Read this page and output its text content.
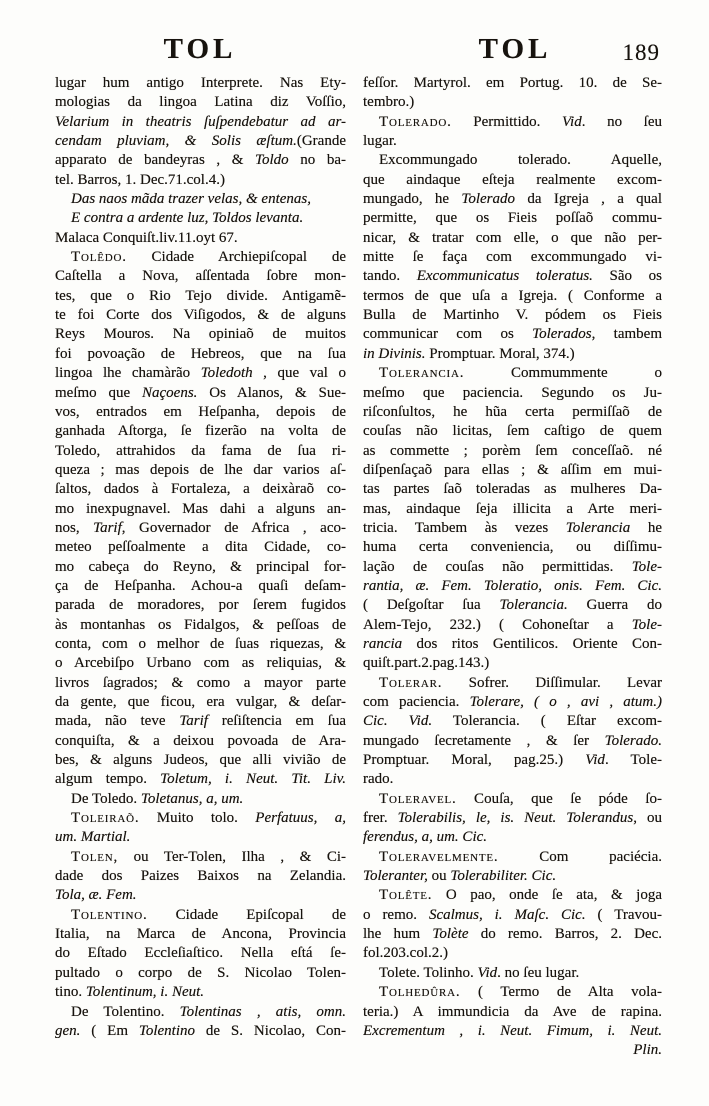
TOL	TOL	189
lugar hum antigo Interprete. Nas Ety-
mologias da lingoa Latina diz Voſſio,
Velarium in theatris ſuſpendebatur ad ar-
cendam pluviam, & Solis æſtum.(Grande
apparato de bandeyras , & Toldo no ba-
tel. Barros, 1. Dec.71.col.4.)
Das naos mãda trazer velas, & entenas,
E contra a ardente luz, Toldos levanta.
Malaca Conquiſt.liv.11.oyt 67.
Tolêdo. Cidade Archiepiſcopal de
Caſtella a Nova, aſſentada ſobre mon-
tes, que o Rio Tejo divide. Antigamẽ-
te foi Corte dos Viſigodos, & de alguns
Reys Mouros. Na opiniaõ de muitos
foi povoação de Hebreos, que na ſua
lingoa lhe chamàrão Toledoth , que val o
meſmo que Naçoens. Os Alanos, & Sue-
vos, entrados em Heſpanha, depois de
ganhada Aſtorga, ſe fizerão na volta de
Toledo, attrahidos da fama de ſua ri-
queza ; mas depois de lhe dar varios aſ-
ſaltos, dados à Fortaleza, a deixàraõ co-
mo inexpugnavel. Mas dahi a alguns an-
nos, Tarif, Governador de Africa , aco-
meteo peſſoalmente a dita Cidade, co-
mo cabeça do Reyno, & principal for-
ça de Heſpanha. Achou-a quaſi deſam-
parada de moradores, por ſerem fugidos
às montanhas os Fidalgos, & peſſoas de
conta, com o melhor de ſuas riquezas, &
o Arcebiſpo Urbano com as reliquias, &
livros ſagrados; & como a mayor parte
da gente, que ficou, era vulgar, & deſar-
mada, não teve Tarif reſiſtencia em ſua
conquiſta, & a deixou povoada de Ara-
bes, & alguns Judeos, que alli vivião de
algum tempo. Toletum, i. Neut. Tit. Liv.
De Toledo. Toletanus, a, um.
Toleiraõ. Muito tolo. Perfatuus, a,
um. Martial.
Tolen, ou Ter-Tolen, Ilha , & Ci-
dade dos Paizes Baixos na Zelandia.
Tola, æ. Fem.
Tolentino. Cidade Epiſcopal de
Italia, na Marca de Ancona, Provincia
do Eſtado Eccleſiaſtico. Nella eſtá ſe-
pultado o corpo de S. Nicolao Tolen-
tino. Tolentinum, i. Neut.
De Tolentino. Tolentinas , atis, omn.
gen. ( Em Tolentino de S. Nicolao, Con-
feſſor. Martyrol. em Portug. 10. de Se-
tembro.)
Tolerado. Permittido. Vid. no ſeu
lugar.
Excommungado tolerado. Aquelle,
que aindaque eſteja realmente excom-
mungado, he Tolerado da Igreja , a qual
permitte, que os Fieis poſſaõ commu-
nicar, & tratar com elle, o que não per-
mitte ſe faça com excommungado vi-
tando. Excommunicatus toleratus. São os
termos de que uſa a Igreja. ( Conforme a
Bulla de Martinho V. pódem os Fieis
communicar com os Tolerados, tambem
in Divinis. Promptuar. Moral, 374.)
Tolerancia. Commummente o
meſmo que paciencia. Segundo os Ju-
riſconſultos, he hũa certa permiſſaõ de
couſas não licitas, ſem caſtigo de quem
as commette ; porèm ſem conceſſaõ. né
diſpenſaçaõ para ellas ; & aſſim em mui-
tas partes ſaõ toleradas as mulheres Da-
mas, aindaque ſeja illicita a Arte meri-
tricia. Tambem às vezes Tolerancia he
huma certa conveniencia, ou diſſimu-
lação de couſas não permittidas. Tole-
rantia, æ. Fem. Toleratio, onis. Fem. Cic.
( Deſgoſtar ſua Tolerancia. Guerra do
Alem-Tejo, 232.) ( Cohoneſtar a Tole-
rancia dos ritos Gentilicos. Oriente Con-
quiſt.part.2.pag.143.)
Tolerar. Sofrer. Diſſimular. Levar
com paciencia. Tolerare, ( o , avi , atum.)
Cic. Vid. Tolerancia. ( Eſtar excom-
mungado ſecretamente , & ſer Tolerado.
Promptuar. Moral, pag.25.) Vid. Tole-
rado.
Toleravel. Couſa, que ſe póde ſo-
frer. Tolerabilis, le, is. Neut. Tolerandus, ou
ferendus, a, um. Cic.
Toleravelmente. Com paciécia.
Toleranter, ou Tolerabiliter. Cic.
Tolête. O pao, onde ſe ata, & joga
o remo. Scalmus, i. Maſc. Cic. ( Travou-
lhe hum Tolète do remo. Barros, 2. Dec.
fol.203.col.2.)
Tolete. Tolinho. Vid. no ſeu lugar.
Tolhedûra. ( Termo de Alta vola-
teria.) A immundicia da Ave de rapina.
Excrementum , i. Neut. Fimum, i. Neut.
Plin.
